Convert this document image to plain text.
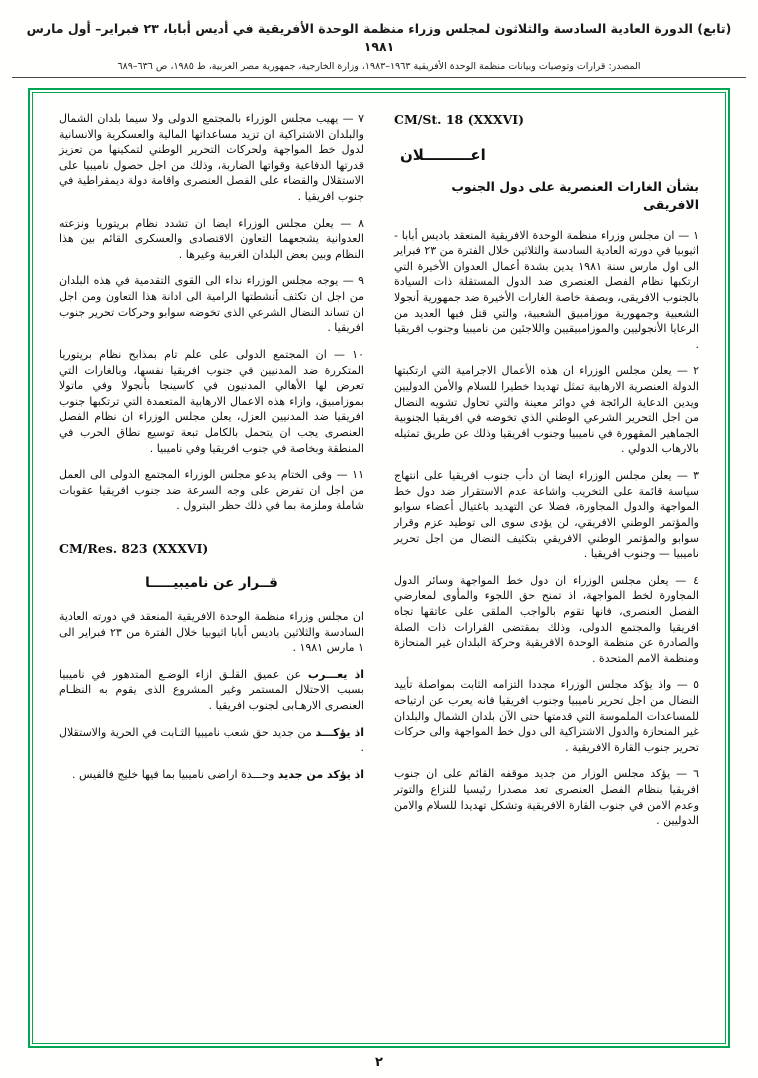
(تابع) الدورة العادية السادسة والثلاثون لمجلس وزراء منظمة الوحدة الأفريقية في أديس أبابا، ٢٣ فبراير– أول مارس ١٩٨١
المصدر: قرارات وتوصيات وبيانات منظمة الوحدة الأفريقية ١٩٦٣–١٩٨٣، وزارة الخارجية، جمهورية مصر العربية، ط ١٩٨٥، ص ٦٣٦–٦٨٩
CM/St. 18 (XXXVI)
اعـــــــــلان
بشأن الغارات العنصرية على دول الجنوب الافريقى

١ — ان مجلس وزراء منظمة الوحدة الافريقية المنعقد باديس أبابا - اثيوبيا في دورته العادية السادسة والثلاثين خلال الفترة من ٢٣ فبراير الى اول مارس سنة ١٩٨١ يدين بشدة أعمال العدوان الأخيرة التي ارتكبها نظام الفصل العنصرى ضد الدول المستقلة ذات السيادة بالجنوب الافريقى، وبصفة خاصة الغارات الأخيرة ضد جمهورية أنجولا الشعبية وجمهورية موزامبيق الشعبية، والتي قتل فيها العديد من الرعايا الأنجوليين والموزامبيقيين واللاجئين من ناميبيا وجنوب افريقيا .

٢ — يعلن مجلس الوزراء ان هذه الأعمال الاجرامية التي ارتكبتها الدولة العنصرية الارهابية تمثل تهديدا خطيرا للسلام والأمن الدوليين ويدين الدعاية الرائجة في دوائر معينة والتي تحاول تشويه النضال من اجل التحرير الشرعي الوطني الذي تخوضه في افريقيا الجنوبية الجماهير المقهورة في ناميبيا وجنوب افريقيا وذلك عن طريق تمثيله بالارهاب الدولي .

٣ — يعلن مجلس الوزراء ايضا ان دأب جنوب افريقيا على انتهاج سياسة قائمة على التخريب واشاعة عدم الاستقرار ضد دول خط المواجهة والدول المجاورة، فضلا عن التهديد باغتيال أعضاء سوابو والمؤتمر الوطني الافريقي، لن يؤدى سوى الى توطيد عزم وقرار سوابو والمؤتمر الوطني الافريقي بتكثيف النضال من اجل تحرير ناميبيا — وجنوب افريقيا .

٤ — يعلن مجلس الوزراء ان دول خط المواجهة وسائر الدول المجاورة لخط المواجهة، اذ تمنح حق اللجوء والمأوى لمعارضي الفصل العنصرى، فانها تقوم بالواجب الملقى على عاتقها تجاه افريقيا والمجتمع الدولى، وذلك بمقتضى القرارات ذات الصلة والصادرة عن منظمة الوحدة الافريقية وحركة البلدان غير المنحازة ومنظمة الامم المتحدة .

٥ — واذ يؤكد مجلس الوزراء مجددا التزامه الثابت بمواصلة تأييد النضال من اجل تحرير ناميبيا وجنوب افريقيا فانه يعرب عن ارتياحه للمساعدات الملموسة التي قدمتها حتى الآن بلدان الشمال والبلدان غير المنحازة والدول الاشتراكية الى دول خط المواجهة والى حركات تحرير جنوب القارة الافريقية .

٦ — يؤكد مجلس الوزار من جديد موقفه القائم على ان جنوب افريقيا بنظام الفصل العنصرى تعد مصدرا رئيسيا للنزاع والتوتر وعدم الامن في جنوب القارة الافريقية وتشكل تهديدا للسلام والامن الدوليين .

٧ — يهيب مجلس الوزراء بالمجتمع الدولى ولا سيما بلدان الشمال والبلدان الاشتراكية ان تزيد مساعداتها المالية والعسكرية والانسانية لدول خط المواجهة ولحركات التحرير الوطني لتمكينها من تعزيز قدرتها الدفاعية وقواتها الضاربة، وذلك من اجل حصول ناميبيا على الاستقلال والقضاء على الفصل العنصرى واقامة دولة ديمقراطية في جنوب افريقيا .

٨ — يعلن مجلس الوزراء ايضا ان تشدد نظام بريتوريا ونزعته العدوانية يشجعهما التعاون الاقتصادى والعسكرى القائم بين هذا النظام وبين بعض البلدان الغربية وغيرها .

٩ — يوجه مجلس الوزراء نداء الى القوى التقدمية في هذه البلدان من اجل ان تكثف أنشطتها الرامية الى ادانة هذا التعاون ومن اجل ان تساند النضال الشرعي الذى تخوضه سوابو وحركات تحرير جنوب افريقيا .

١٠ — ان المجتمع الدولى على علم تام بمذابح نظام بريتوريا المتكررة ضد المدنيين في جنوب افريقيا نفسها، وبالغارات التي تعرض لها الأهالي المدنيون في كاسينجا بأنجولا وفي ماتولا بموزامبيق، وازاء هذه الاعمال الارهابية المتعمدة التي ترتكبها جنوب افريقيا ضد المدنيين العزل، يعلن مجلس الوزراء ان نظام الفصل العنصرى يجب ان يتحمل بالكامل تبعة توسيع نطاق الحرب في المنطقة وبخاصة في جنوب افريقيا وفي ناميبيا .

١١ — وفى الختام يدعو مجلس الوزراء المجتمع الدولى الى العمل من اجل ان تفرض على وجه السرعة ضد جنوب افريقيا عقوبات شاملة وملزمة بما في ذلك حظر البترول .

CM/Res. 823 (XXXVI)
قــرار عن ناميبيـــــا

ان مجلس وزراء منظمة الوحدة الافريقية المنعقد في دورته العادية السادسة والثلاثين باديس أبابا اثيوبيا خلال الفترة من ٢٣ فبراير الى ١ مارس ١٩٨١ .

اذ يعـــرب عن عميق القلـق ازاء الوضـع المتدهور في ناميبيا بسبب الاحتلال المستمر وغير المشروع الذى يقوم به النظـام العنصرى الارهـابى لجنوب افريقيا .

اذ يؤكـــد من جديد حق شعب ناميبيا الثـابت في الحرية والاستقلال .

اذ يؤكد من جديد وحـــدة اراضى ناميبيا بما فيها خليج فالفيس .

٢
